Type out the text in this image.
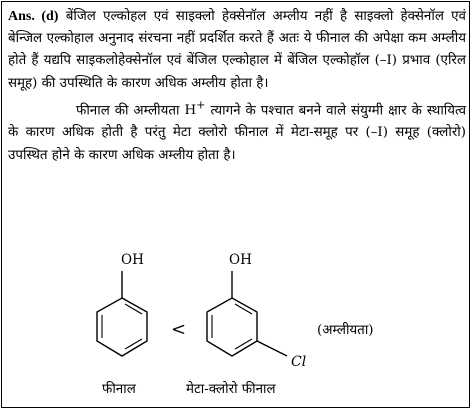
Ans. (d) बेंजिल एल्कोहल एवं साइक्लो हेक्सेनॉल अम्लीय नहीं है साइक्लो हेक्सेनॉल एवं बेन्जिल एल्कोहाल अनुनाद संरचना नहीं प्रदर्शित करते हैं अतः ये फीनाल की अपेक्षा कम अम्लीय होते हैं यद्यपि साइकलोहेक्सेनॉल एवं बेंजिल एल्कोहाल में बेंजिल एल्कोहॉल (–I) प्रभाव (एरिल समूह) की उपस्थिति के कारण अधिक अम्लीय होता है।

फीनाल की अम्लीयता H+ त्यागने के पश्चात बनने वाले संयुग्मी क्षार के स्थायित्व के कारण अधिक होती है परंतु मेटा क्लोरो फीनाल में मेटा-समूह पर (–I) समूह (क्लोरो) उपस्थित होने के कारण अधिक अम्लीय होता है।

OH
फीनाल
<
OH
Cl
मेटा-क्लोरो फीनाल
(अम्लीयता)
